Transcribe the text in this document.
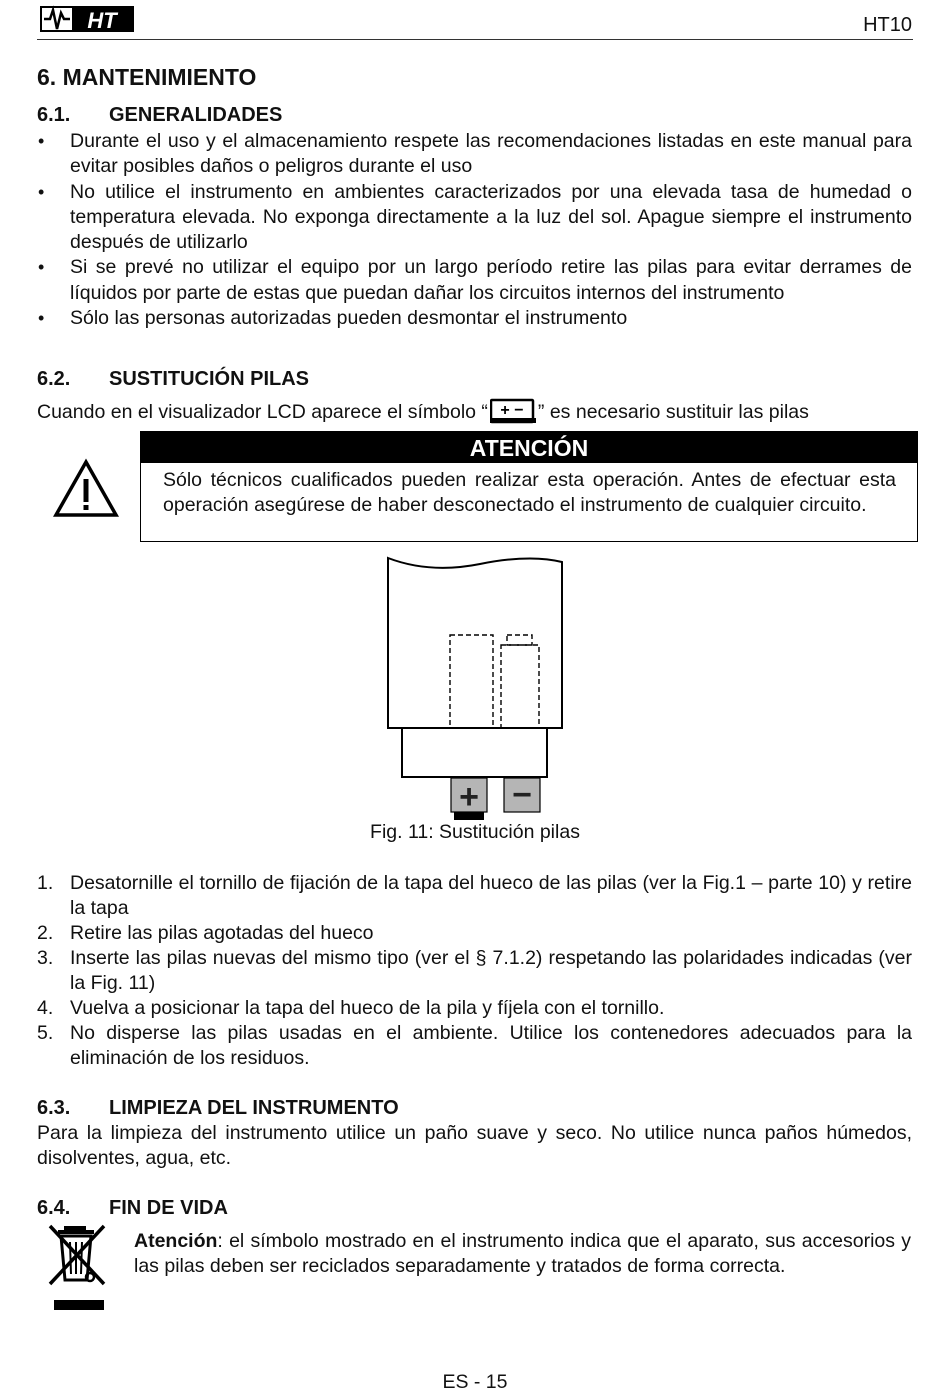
HT	HT10
6. MANTENIMIENTO
6.1. GENERALIDADES
• Durante el uso y el almacenamiento respete las recomendaciones listadas en este manual para evitar posibles daños o peligros durante el uso
• No utilice el instrumento en ambientes caracterizados por una elevada tasa de humedad o temperatura elevada. No exponga directamente a la luz del sol. Apague siempre el instrumento después de utilizarlo
• Si se prevé no utilizar el equipo por un largo período retire las pilas para evitar derrames de líquidos por parte de estas que puedan dañar los circuitos internos del instrumento
• Sólo las personas autorizadas pueden desmontar el instrumento
6.2. SUSTITUCIÓN PILAS
Cuando en el visualizador LCD aparece el símbolo “ + − ” es necesario sustituir las pilas
ATENCIÓN
Sólo técnicos cualificados pueden realizar esta operación. Antes de efectuar esta operación asegúrese de haber desconectado el instrumento de cualquier circuito.
+ −
Fig. 11: Sustitución pilas
1. Desatornille el tornillo de fijación de la tapa del hueco de las pilas (ver la Fig.1 – parte 10) y retire la tapa
2. Retire las pilas agotadas del hueco
3. Inserte las pilas nuevas del mismo tipo (ver el § 7.1.2) respetando las polaridades indicadas (ver la Fig. 11)
4. Vuelva a posicionar la tapa del hueco de la pila y fíjela con el tornillo.
5. No disperse las pilas usadas en el ambiente. Utilice los contenedores adecuados para la eliminación de los residuos.
6.3. LIMPIEZA DEL INSTRUMENTO
Para la limpieza del instrumento utilice un paño suave y seco. No utilice nunca paños húmedos, disolventes, agua, etc.
6.4. FIN DE VIDA
Atención: el símbolo mostrado en el instrumento indica que el aparato, sus accesorios y las pilas deben ser reciclados separadamente y tratados de forma correcta.
ES - 15
